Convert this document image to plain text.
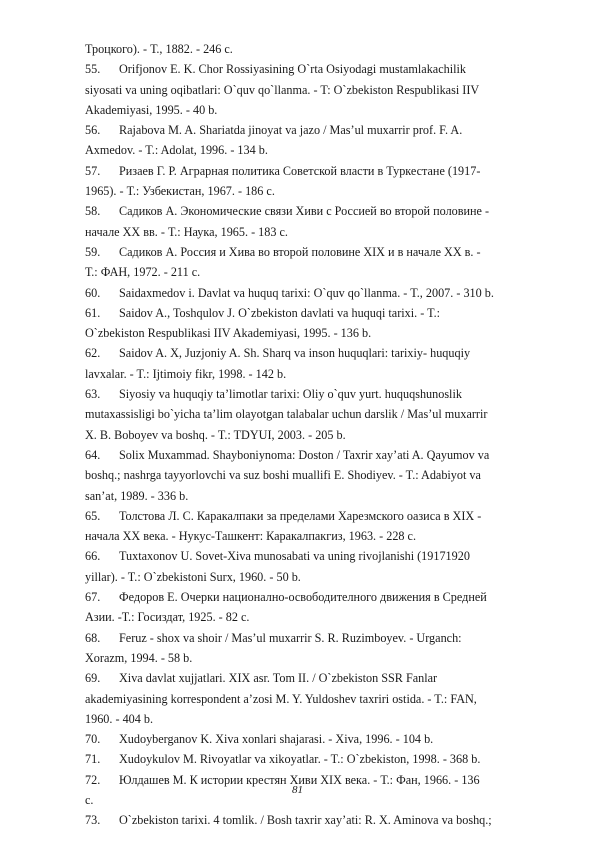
Троцкого). - Т., 1882. - 246 с.
55. Orifjonov E. K. Chor Rossiyasining O`rta Osiyodagi mustamlakachilik
siyosati va uning oqibatlari: O`quv qo`llanma. - T: O`zbekiston Respublikasi IIV
Akademiyasi, 1995. - 40 b.
56. Rajabova M. A. Shariatda jinoyat va jazo / Mas’ul muxarrir prof. F. A.
Axmedov. - T.: Adolat, 1996. - 134 b.
57. Ризаев Г. Р. Аграрная политика Советской власти в Туркестане (1917-
1965). - Т.: Узбекистан, 1967. - 186 с.
58. Садиков А. Экономические связи Хиви с Россией во второй половине -
начале ХХ вв. - Т.: Наука, 1965. - 183 с.
59. Садиков А. Россия и Хива во второй половине ХIХ и в начале ХХ в. -
Т.: ФАН, 1972. - 211 с.
60. Saidaxmedov i. Davlat va huquq tarixi: O`quv qo`llanma. - T., 2007. - 310 b.
61. Saidov A., Toshqulov J. O`zbekiston davlati va huquqi tarixi. - T.:
O`zbekiston Respublikasi IIV Akademiyasi, 1995. - 136 b.
62. Saidov A. X, Juzjoniy A. Sh. Sharq va inson huquqlari: tarixiy- huquqiy
lavxalar. - T.: Ijtimoiy fikr, 1998. - 142 b.
63. Siyosiy va huquqiy ta’limotlar tarixi: Oliy o`quv yurt. huquqshunoslik
mutaxassisligi bo`yicha ta’lim olayotgan talabalar uchun darslik / Mas’ul muxarrir
X. B. Boboyev va boshq. - T.: TDYUI, 2003. - 205 b.
64. Solix Muxammad. Shayboniynoma: Doston / Taxrir xay’ati A. Qayumov va
boshq.; nashrga tayyorlovchi va suz boshi muallifi E. Shodiyev. - T.: Adabiyot va
san’at, 1989. - 336 b.
65. Толстова Л. С. Каракалпаки за пределами Харезмского оазиса в XIX -
начала ХХ века. - Нукус-Ташкент: Каракалпакгиз, 1963. - 228 с.
66. Tuxtaxonov U. Sovet-Xiva munosabati va uning rivojlanishi (19171920
yillar). - T.: O`zbekistoni Surx, 1960. - 50 b.
67. Федоров Е. Очерки национално-освободителного движения в Средней
Азии. -Т.: Госиздат, 1925. - 82 с.
68. Feruz - shox va shoir / Mas’ul muxarrir S. R. Ruzimboyev. - Urganch:
Xorazm, 1994. - 58 b.
69. Xiva davlat xujjatlari. XIX asr. Tom II. / O`zbekiston SSR Fanlar
akademiyasining korrespondent a’zosi M. Y. Yuldoshev taxriri ostida. - T.: FAN,
1960. - 404 b.
70. Xudoyberganov K. Xiva xonlari shajarasi. - Xiva, 1996. - 104 b.
71. Xudoykulov M. Rivoyatlar va xikoyatlar. - T.: O`zbekiston, 1998. - 368 b.
72. Юлдашев М. К истории крестян Хиви ХIХ века. - Т.: Фан, 1966. - 136
с.
73. O`zbekiston tarixi. 4 tomlik. / Bosh taxrir xay’ati: R. X. Aminova va boshq.;
81
